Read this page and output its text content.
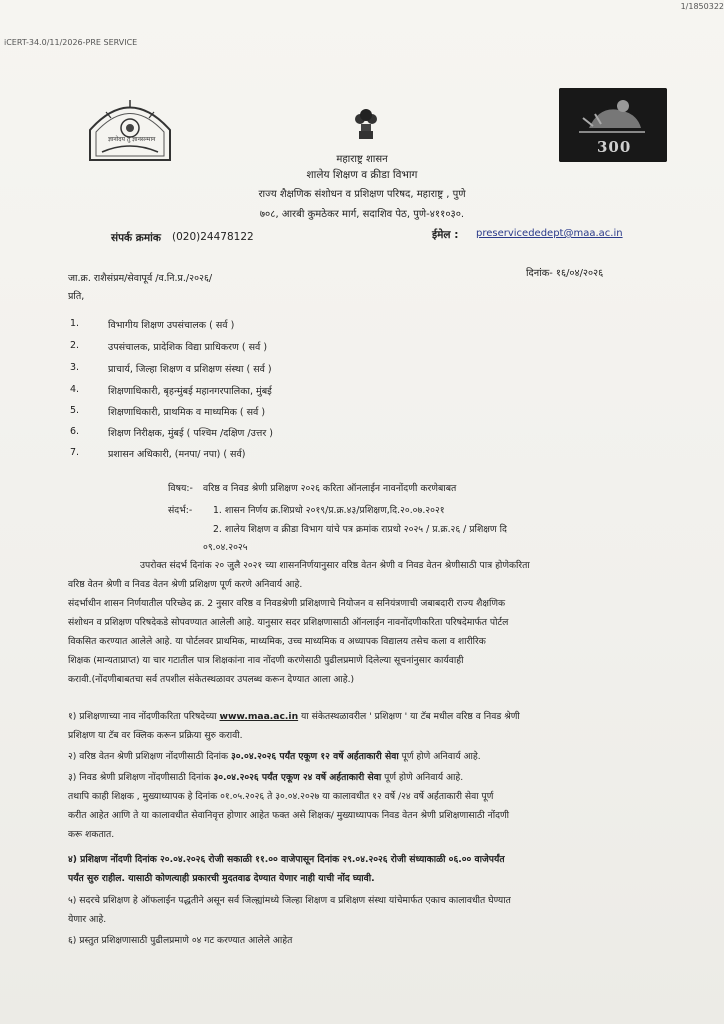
iCERT-34.0/11/2026-PRE SERVICE
1/1850322
ज्ञानोदय तु ज्ञानसन्मान	300
महाराष्ट्र शासन
शालेय शिक्षण व क्रीडा विभाग
राज्य शैक्षणिक संशोधन व प्रशिक्षण परिषद, महाराष्ट्र , पुणे
७०८, आरबी कुमठेकर मार्ग, सदाशिव पेठ, पुणे-४११०३०.
संपर्क क्रमांक (020)24478122	ईमेल : preservicededept@maa.ac.in
जा.क्र. राशैसंप्रम/सेवापूर्व /व.नि.प्र./२०२६/	दिनांक- १६/०४/२०२६
प्रति,
1.	विभागीय शिक्षण उपसंचालक ( सर्व )
2.	उपसंचालक, प्रादेशिक विद्या प्राधिकरण ( सर्व )
3.	प्राचार्य, जिल्हा शिक्षण व प्रशिक्षण संस्था ( सर्व )
4.	शिक्षणाधिकारी, बृहन्मुंबई महानगरपालिका, मुंबई
5.	शिक्षणाधिकारी, प्राथमिक व माध्यमिक ( सर्व )
6.	शिक्षण निरीक्षक, मुंबई ( पश्चिम /दक्षिण /उत्तर )
7.	प्रशासन अधिकारी, (मनपा/ नपा) ( सर्व)
विषय:- वरिष्ठ व निवड श्रेणी प्रशिक्षण २०२६ करिता ऑनलाईन नावनोंदणी करणेबाबत
संदर्भ:- 1. शासन निर्णय क्र.शिप्रधो २०१९/प्र.क्र.४३/प्रशिक्षण,दि.२०.०७.२०२१
2. शालेय शिक्षण व क्रीडा विभाग यांचे पत्र क्रमांक राप्रधो २०२५ / प्र.क्र.२६ / प्रशिक्षण दि
०९.०४.२०२५
उपरोक्त संदर्भ दिनांक २० जुलै २०२१ च्या शासननिर्णयानुसार वरिष्ठ वेतन श्रेणी व निवड वेतन श्रेणीसाठी पात्र होणेकरिता
वरिष्ठ वेतन श्रेणी व निवड वेतन श्रेणी प्रशिक्षण पूर्ण करणे अनिवार्य आहे.
संदर्भाधीन शासन निर्णयातील परिच्छेद क्र. 2 नुसार वरिष्ठ व निवडश्रेणी प्रशिक्षणाचे नियोजन व सनियंत्रणाची जबाबदारी राज्य शैक्षणिक
संशोधन व प्रशिक्षण परिषदेकडे सोपवण्यात आलेली आहे. यानुसार सदर प्रशिक्षणासाठी ऑनलाईन नावनोंदणीकरिता परिषदेमार्फत पोर्टल
विकसित करण्यात आलेले आहे. या पोर्टलवर प्राथमिक, माध्यमिक, उच्च माध्यमिक व अध्यापक विद्यालय तसेच कला व शारीरिक
शिक्षक (मान्यताप्राप्त) या चार गटातील पात्र शिक्षकांना नाव नोंदणी करणेसाठी पुढीलप्रमाणे दिलेल्या सूचनांनुसार कार्यवाही
करावी.(नोंदणीबाबतचा सर्व तपशील संकेतस्थळावर उपलब्ध करून देण्यात आला आहे.)
१) प्रशिक्षणाच्या नाव नोंदणीकरिता परिषदेच्या www.maa.ac.in या संकेतस्थळावरील ' प्रशिक्षण ' या टॅब मधील वरिष्ठ व निवड श्रेणी
प्रशिक्षण या टॅब वर क्लिक करून प्रक्रिया सुरु करावी.
२) वरिष्ठ वेतन श्रेणी प्रशिक्षण नोंदणीसाठी दिनांक ३०.०४.२०२६ पर्यंत एकूण १२ वर्षे अर्हताकारी सेवा पूर्ण होणे अनिवार्य आहे.
३) निवड श्रेणी प्रशिक्षण नोंदणीसाठी दिनांक ३०.०४.२०२६ पर्यंत एकूण २४ वर्षे अर्हताकारी सेवा पूर्ण होणे अनिवार्य आहे.
तथापि काही शिक्षक , मुख्याध्यापक हे दिनांक ०१.०५.२०२६ ते ३०.०४.२०२७ या कालावधीत १२ वर्षे /२४ वर्षे अर्हताकारी सेवा पूर्ण
करीत आहेत आणि ते या कालावधीत सेवानिवृत्त होणार आहेत फक्त असे शिक्षक/ मुख्याध्यापक निवड वेतन श्रेणी प्रशिक्षणासाठी नोंदणी
करू शकतात.
४) प्रशिक्षण नोंदणी दिनांक २०.०४.२०२६ रोजी सकाळी ११.०० वाजेपासून दिनांक २९.०४.२०२६ रोजी संध्याकाळी ०६.०० वाजेपर्यंत
पर्यंत सुरु राहील. यासाठी कोणत्याही प्रकारची मुदतवाढ देण्यात येणार नाही याची नोंद घ्यावी.
५) सदरचे प्रशिक्षण हे ऑफलाईन पद्धतीने असून सर्व जिल्ह्यांमध्ये जिल्हा शिक्षण व प्रशिक्षण संस्था यांचेमार्फत एकाच कालावधीत घेण्यात
येणार आहे.
६) प्रस्तुत प्रशिक्षणासाठी पुढीलप्रमाणे ०४ गट करण्यात आलेले आहेत
